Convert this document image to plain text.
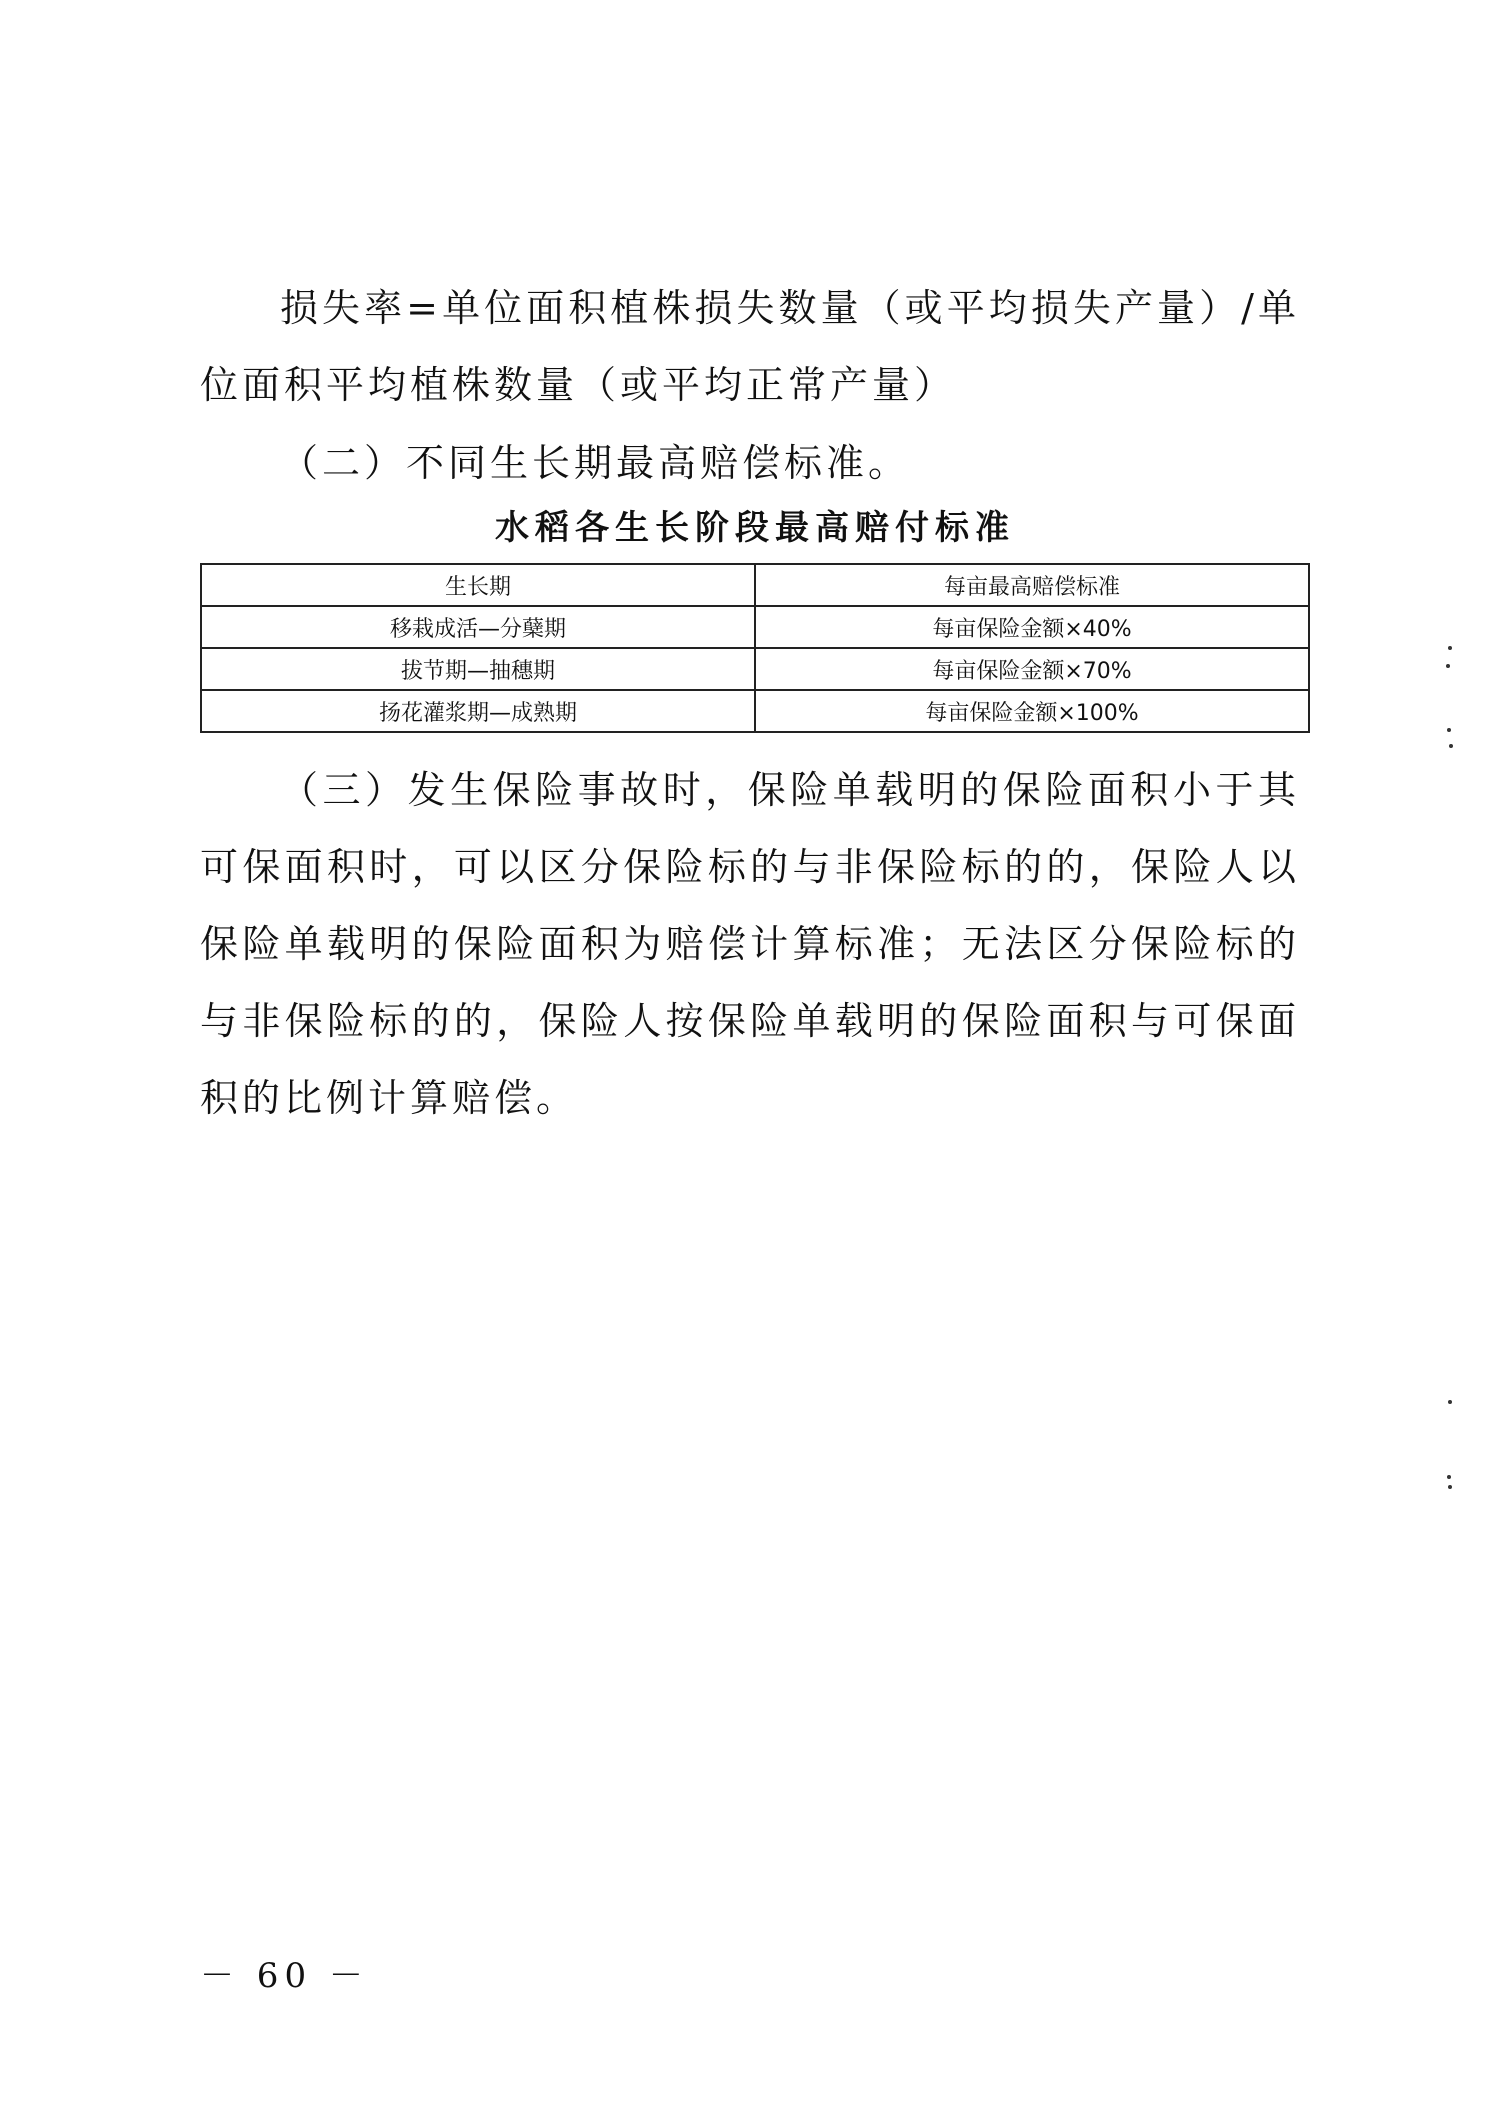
损失率=单位面积植株损失数量（或平均损失产量）/单位面积平均植株数量（或平均正常产量）

（二）不同生长期最高赔偿标准。

水稻各生长阶段最高赔付标准

生长期	每亩最高赔偿标准
移栽成活—分蘖期	每亩保险金额×40%
拔节期—抽穗期	每亩保险金额×70%
扬花灌浆期—成熟期	每亩保险金额×100%

（三）发生保险事故时，保险单载明的保险面积小于其可保面积时，可以区分保险标的与非保险标的的，保险人以保险单载明的保险面积为赔偿计算标准；无法区分保险标的与非保险标的的，保险人按保险单载明的保险面积与可保面积的比例计算赔偿。

－ 60 －
